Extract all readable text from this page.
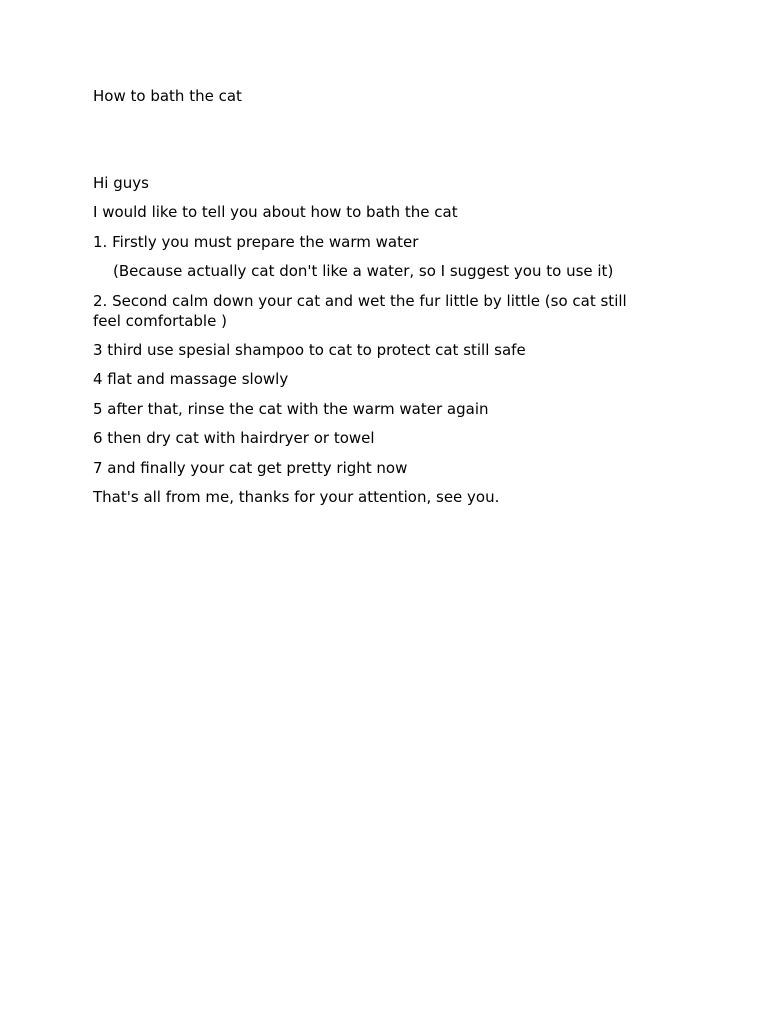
How to bath the cat

Hi guys

I would like to tell you about how to bath the cat

1. Firstly you must prepare the warm water

(Because actually cat don't like a water, so I suggest you to use it)

2. Second calm down your cat and wet the fur little by little (so cat still feel comfortable )

3 third use spesial shampoo to cat to protect cat still safe

4 flat and massage slowly

5 after that, rinse the cat with the warm water again

6 then dry cat with hairdryer or towel

7 and finally your cat get pretty right now

That's all from me, thanks for your attention, see you.
